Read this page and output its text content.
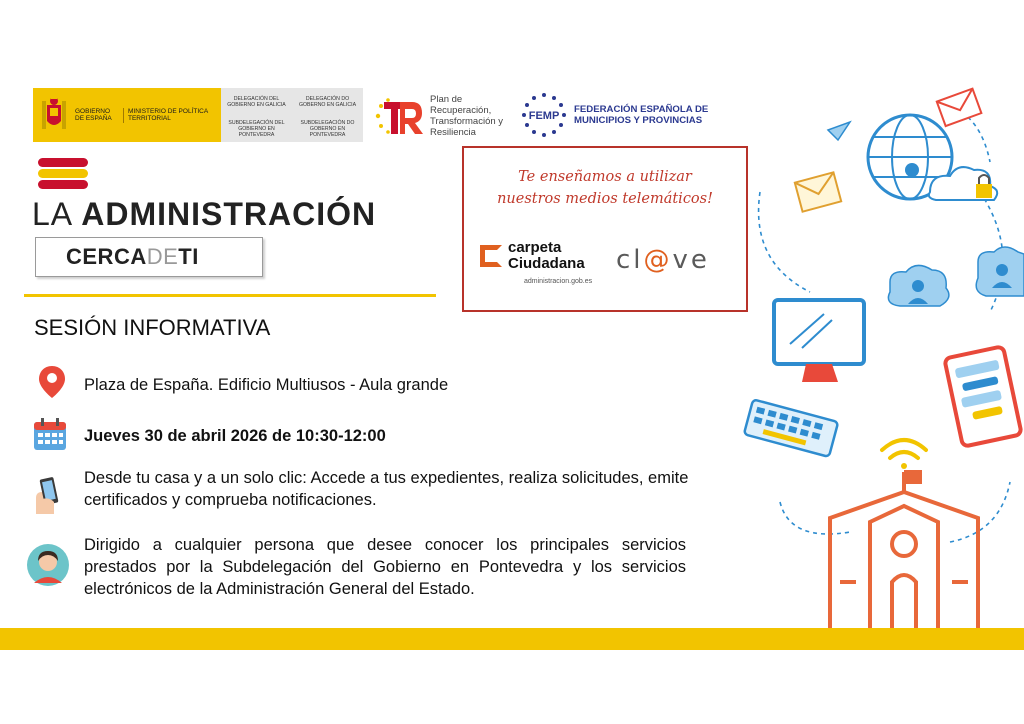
GOBIERNO DE ESPAÑA
MINISTERIO DE POLÍTICA TERRITORIAL
DELEGACIÓN DEL GOBIERNO EN GALICIA
DELEGACIÓN DO GOBERNO EN GALICIA
SUBDELEGACIÓN DEL GOBIERNO EN PONTEVEDRA
SUBDELEGACIÓN DO GOBERNO EN PONTEVEDRA
Plan de Recuperación, Transformación y Resiliencia
FEMP
FEDERACIÓN ESPAÑOLA DE MUNICIPIOS Y PROVINCIAS
LA ADMINISTRACIÓN
CERCA DE TI
SESIÓN INFORMATIVA
Plaza de España. Edificio Multiusos - Aula grande
Jueves 30 de abril 2026 de 10:30-12:00
Desde tu casa y a un solo clic: Accede a tus expedientes, realiza solicitudes, emite certificados y comprueba notificaciones.
Dirigido a cualquier persona que desee conocer los principales servicios prestados por la Subdelegación del Gobierno en Pontevedra y los servicios electrónicos de la Administración General del Estado.
Te enseñamos a utilizar
nuestros medios telemáticos!
carpeta
Ciudadana
administracion.gob.es
cl@ve
